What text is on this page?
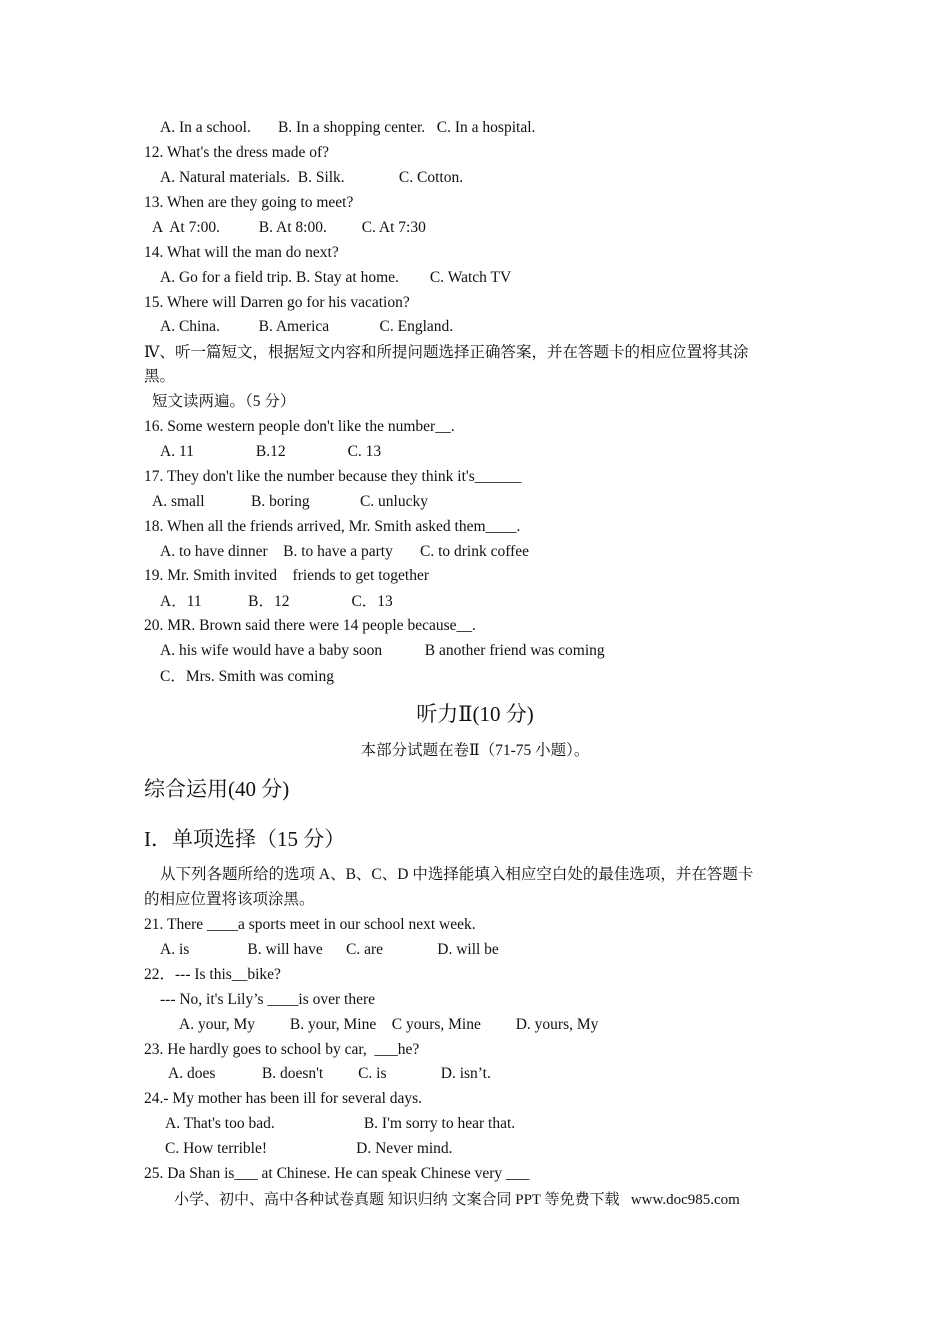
A. In a school.       B. In a shopping center.   C. In a hospital.
12. What's the dress made of?
A. Natural materials.  B. Silk.              C. Cotton.
13. When are they going to meet?
A  At 7:00.          B. At 8:00.         C. At 7:30
14. What will the man do next?
A. Go for a field trip. B. Stay at home.        C. Watch TV
15. Where will Darren go for his vacation?
A. China.          B. America             C. England.
Ⅳ、听一篇短文，根据短文内容和所提问题选择正确答案，并在答题卡的相应位置将其涂
黑。
短文读两遍。（5 分）
16. Some western people don't like the number__.
A. 11                B.12                C. 13
17. They don't like the number because they think it's______
A. small            B. boring             C. unlucky
18. When all the friends arrived, Mr. Smith asked them____.
A. to have dinner    B. to have a party       C. to drink coffee
19. Mr. Smith invited    friends to get together
A．11            B．12                C．13
20. MR. Brown said there were 14 people because__.
A. his wife would have a baby soon           B another friend was coming
C．Mrs. Smith was coming
从下列各题所给的选项 A、B、C、D 中选择能填入相应空白处的最佳选项，并在答题卡
的相应位置将该项涂黑。
21. There ____a sports meet in our school next week.
A. is               B. will have      C. are              D. will be
22．--- Is this__bike?
--- No, it's Lily’s ____is over there
A. your, My         B. your, Mine    C yours, Mine         D. yours, My
23. He hardly goes to school by car,  ___he?
A. does            B. doesn't         C. is              D. isn’t.
24.- My mother has been ill for several days.
A. That's too bad.                       B. I'm sorry to hear that.
C. How terrible!                       D. Never mind.
25. Da Shan is___ at Chinese. He can speak Chinese very ___
听力Ⅱ(10 分)
本部分试题在卷Ⅱ（71-75 小题）。
综合运用(40 分)
I．单项选择（15 分）
小学、初中、高中各种试卷真题 知识归纳 文案合同 PPT 等免费下载   www.doc985.com
